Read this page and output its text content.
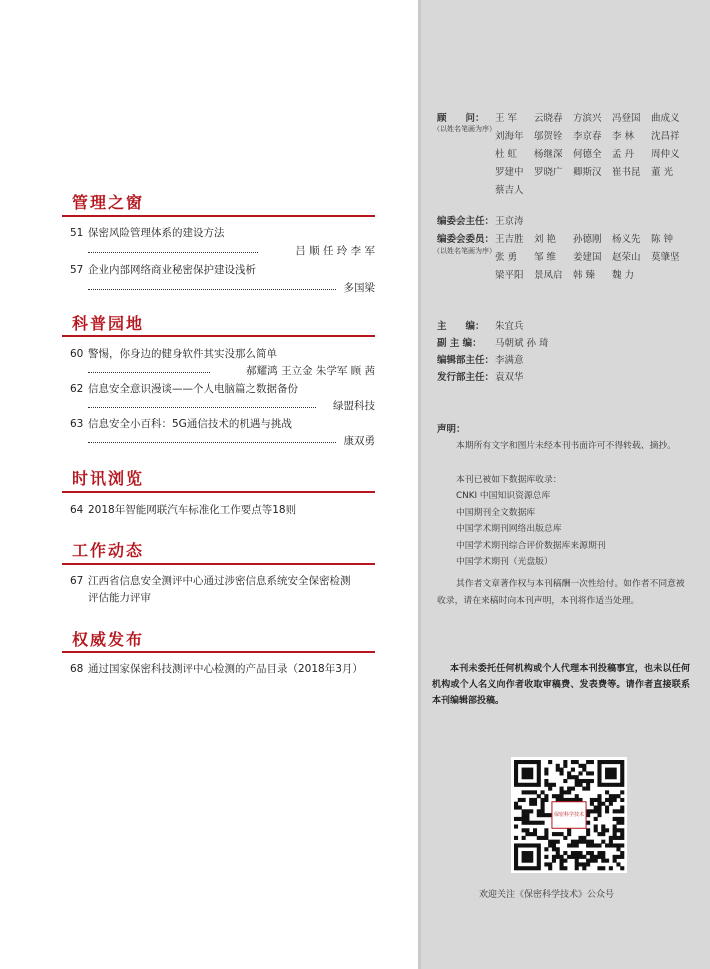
管理之窗
51 保密风险管理体系的建设方法
吕 顺 任 玲 李 军
57 企业内部网络商业秘密保护建设浅析
多国梁
科普园地
60 警惕，你身边的健身软件其实没那么简单
郝耀鸿 王立金 朱学军 顾 茜
62 信息安全意识漫谈——个人电脑篇之数据备份
绿盟科技
63 信息安全小百科：5G通信技术的机遇与挑战
康双勇
时讯浏览
64 2018年智能网联汽车标准化工作要点等18则
工作动态
67 江西省信息安全测评中心通过涉密信息系统安全保密检测
评估能力评审
权威发布
68 通过国家保密科技测评中心检测的产品目录（2018年3月）
顾　　问：
（以姓名笔画为序）
王 军	云晓春	方滨兴	冯登国	曲成义
刘海年	邬贺铨	李京春	李 林	沈昌祥
杜 虹	杨继深	何德全	孟 丹	周仲义
罗建中	罗晓广	卿斯汉	崔书昆	董 光
蔡吉人
编委会主任： 王京涛
编委会委员：
（以姓名笔画为序）
王吉胜	刘 艳	孙德刚	杨义先	陈 钟
张 勇	邹 维	姜建国	赵荣山	莫肇坚
梁平阳	景凤启	韩 臻	魏 力
主　　编： 朱宜兵
副 主 编： 马朝斌 孙 琦
编辑部主任： 李满意
发行部主任： 袁双华
声明：
本期所有文字和图片未经本刊书面许可不得转载、摘抄。
本刊已被如下数据库收录：
CNKI 中国知识资源总库
中国期刊全文数据库
中国学术期刊网络出版总库
中国学术期刊综合评价数据库来源期刊
中国学术期刊（光盘版）
其作者文章著作权与本刊稿酬一次性给付。如作者不同意被收录，请在来稿时向本刊声明，本刊将作适当处理。
本刊未委托任何机构或个人代理本刊投稿事宜，也未以任何机构或个人名义向作者收取审稿费、发表费等。请作者直接联系本刊编辑部投稿。
保密科学技术
欢迎关注《保密科学技术》公众号
